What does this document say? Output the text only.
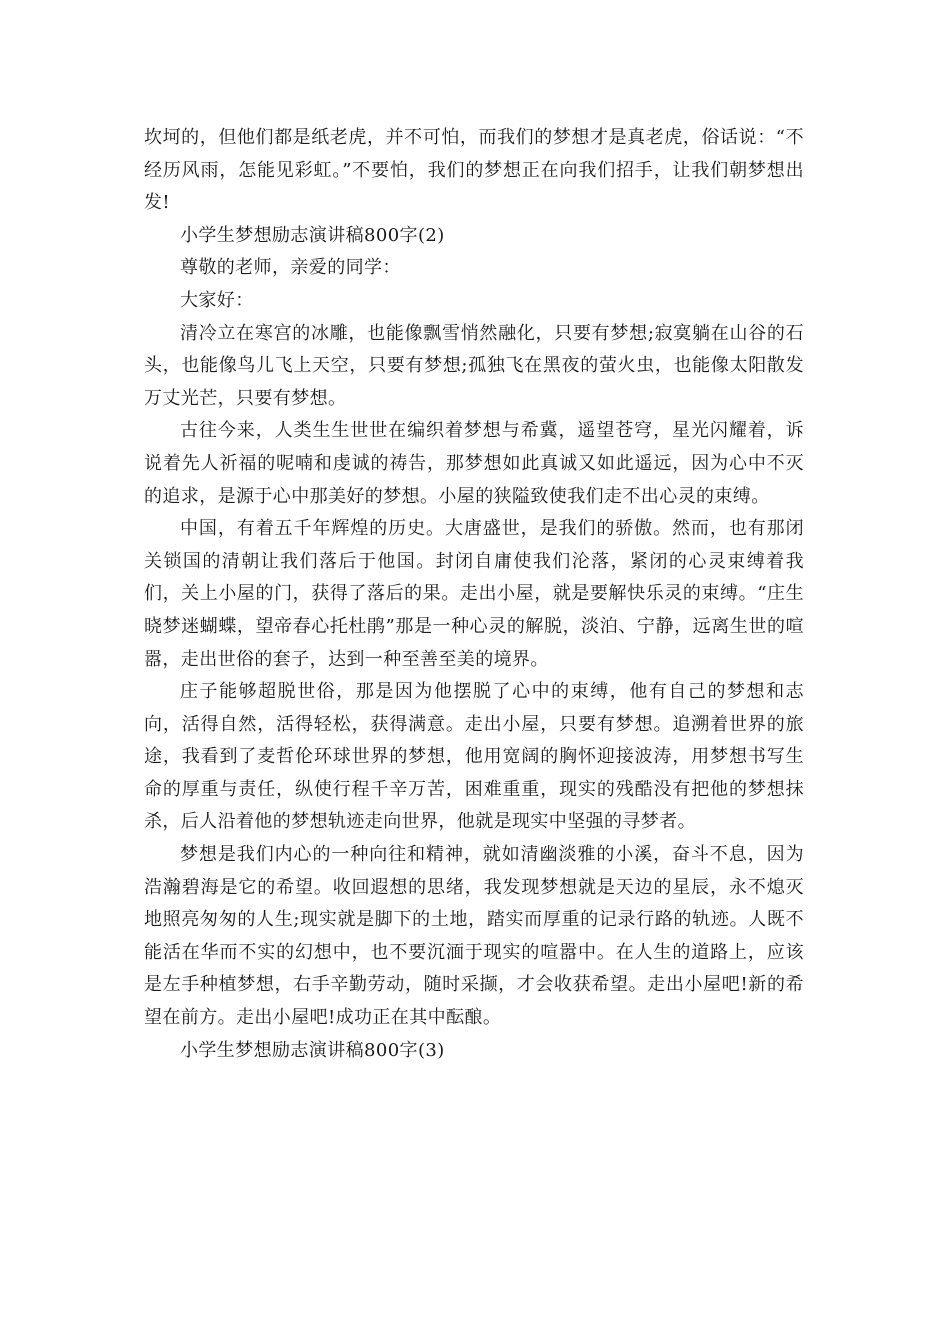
坎坷的，但他们都是纸老虎，并不可怕，而我们的梦想才是真老虎，俗话说：“不经历风雨，怎能见彩虹。”不要怕，我们的梦想正在向我们招手，让我们朝梦想出发!

小学生梦想励志演讲稿800字(2)

尊敬的老师，亲爱的同学：

大家好：

清冷立在寒宫的冰雕，也能像飘雪悄然融化，只要有梦想;寂寞躺在山谷的石头，也能像鸟儿飞上天空，只要有梦想;孤独飞在黑夜的萤火虫，也能像太阳散发万丈光芒，只要有梦想。

古往今来，人类生生世世在编织着梦想与希冀，遥望苍穹，星光闪耀着，诉说着先人祈福的呢喃和虔诚的祷告，那梦想如此真诚又如此遥远，因为心中不灭的追求，是源于心中那美好的梦想。小屋的狭隘致使我们走不出心灵的束缚。

中国，有着五千年辉煌的历史。大唐盛世，是我们的骄傲。然而，也有那闭关锁国的清朝让我们落后于他国。封闭自庸使我们沦落，紧闭的心灵束缚着我们，关上小屋的门，获得了落后的果。走出小屋，就是要解快乐灵的束缚。“庄生晓梦迷蝴蝶，望帝春心托杜鹃”那是一种心灵的解脱，淡泊、宁静，远离生世的喧嚣，走出世俗的套子，达到一种至善至美的境界。

庄子能够超脱世俗，那是因为他摆脱了心中的束缚，他有自己的梦想和志向，活得自然，活得轻松，获得满意。走出小屋，只要有梦想。追溯着世界的旅途，我看到了麦哲伦环球世界的梦想，他用宽阔的胸怀迎接波涛，用梦想书写生命的厚重与责任，纵使行程千辛万苦，困难重重，现实的残酷没有把他的梦想抹杀，后人沿着他的梦想轨迹走向世界，他就是现实中坚强的寻梦者。

梦想是我们内心的一种向往和精神，就如清幽淡雅的小溪，奋斗不息，因为浩瀚碧海是它的希望。收回遐想的思绪，我发现梦想就是天边的星辰，永不熄灭地照亮匆匆的人生;现实就是脚下的土地，踏实而厚重的记录行路的轨迹。人既不能活在华而不实的幻想中，也不要沉湎于现实的喧嚣中。在人生的道路上，应该是左手种植梦想，右手辛勤劳动，随时采撷，才会收获希望。走出小屋吧!新的希望在前方。走出小屋吧!成功正在其中酝酿。

小学生梦想励志演讲稿800字(3)
